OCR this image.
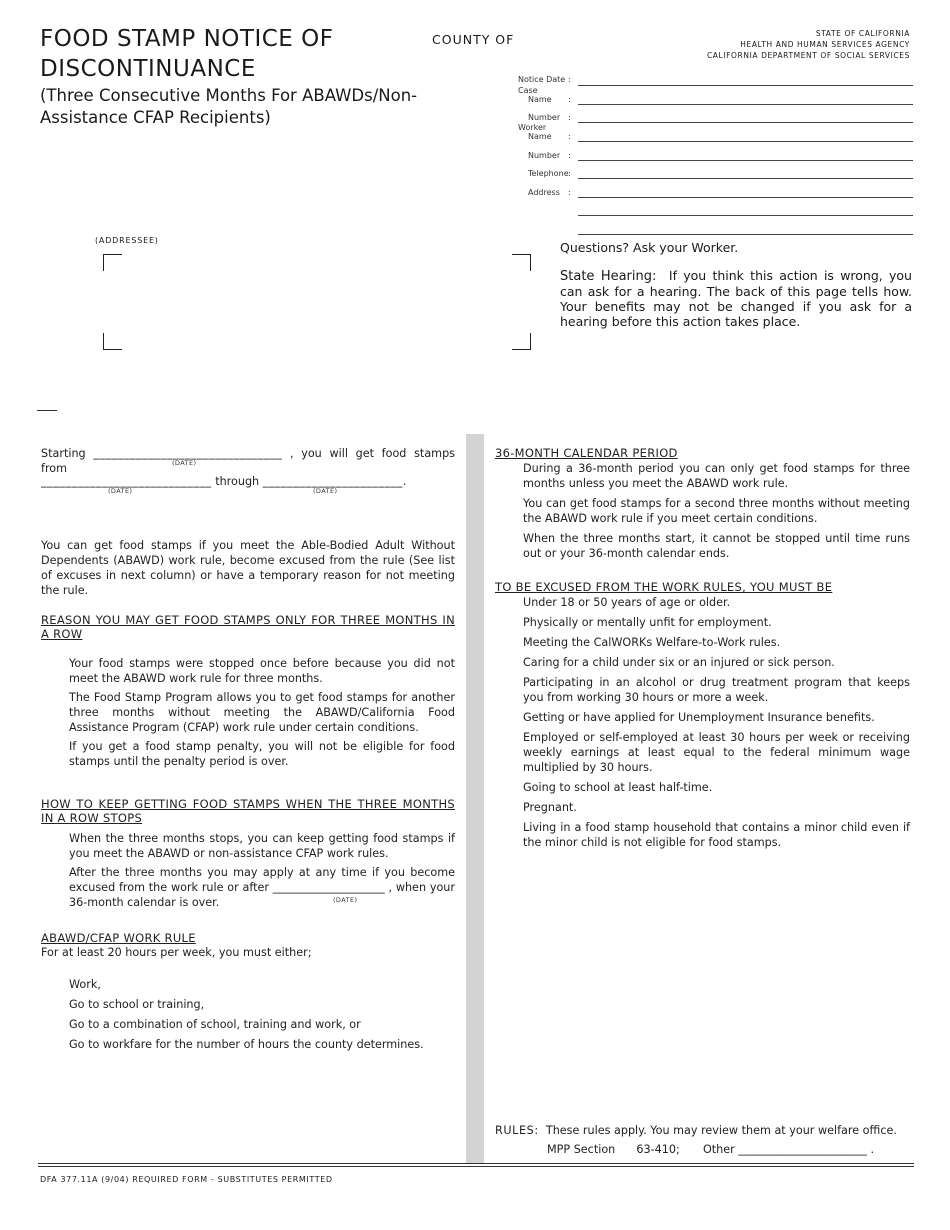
FOOD STAMP NOTICE OF DISCONTINUANCE
(Three Consecutive Months For ABAWDs/Non-Assistance CFAP Recipients)
COUNTY OF	STATE OF CALIFORNIA
HEALTH AND HUMAN SERVICES AGENCY
CALIFORNIA DEPARTMENT OF SOCIAL SERVICES
Notice Date :
Case
Name :
Number :
Worker
Name :
Number :
Telephone :
Address :
(ADDRESSEE)	Questions? Ask your Worker.
State Hearing: If you think this action is wrong, you can ask for a hearing. The back of this page tells how. Your benefits may not be changed if you ask for a hearing before this action takes place.
Starting _______________________________ , you will get food stamps from	(DATE)
____________________________ through _______________________.
(DATE)	(DATE)
You can get food stamps if you meet the Able-Bodied Adult Without Dependents (ABAWD) work rule, become excused from the rule (See list of excuses in next column) or have a temporary reason for not meeting the rule.
REASON YOU MAY GET FOOD STAMPS ONLY FOR THREE MONTHS IN A ROW
Your food stamps were stopped once before because you did not meet the ABAWD work rule for three months.
The Food Stamp Program allows you to get food stamps for another three months without meeting the ABAWD/California Food Assistance Program (CFAP) work rule under certain conditions.
If you get a food stamp penalty, you will not be eligible for food stamps until the penalty period is over.
HOW TO KEEP GETTING FOOD STAMPS WHEN THE THREE MONTHS IN A ROW STOPS
When the three months stops, you can keep getting food stamps if you meet the ABAWD or non-assistance CFAP work rules.
After the three months you may apply at any time if you become excused from the work rule or after ____________________ , when your 36-month calendar is over.	(DATE)
ABAWD/CFAP WORK RULE
For at least 20 hours per week, you must either;
Work,
Go to school or training,
Go to a combination of school, training and work, or
Go to workfare for the number of hours the county determines.
36-MONTH CALENDAR PERIOD
During a 36-month period you can only get food stamps for three months unless you meet the ABAWD work rule.
You can get food stamps for a second three months without meeting the ABAWD work rule if you meet certain conditions.
When the three months start, it cannot be stopped until time runs out or your 36-month calendar ends.
TO BE EXCUSED FROM THE WORK RULES, YOU MUST BE
Under 18 or 50 years of age or older.
Physically or mentally unfit for employment.
Meeting the CalWORKs Welfare-to-Work rules.
Caring for a child under six or an injured or sick person.
Participating in an alcohol or drug treatment program that keeps you from working 30 hours or more a week.
Getting or have applied for Unemployment Insurance benefits.
Employed or self-employed at least 30 hours per week or receiving weekly earnings at least equal to the federal minimum wage multiplied by 30 hours.
Going to school at least half-time.
Pregnant.
Living in a food stamp household that contains a minor child even if the minor child is not eligible for food stamps.
RULES: These rules apply. You may review them at your welfare office.
MPP Section 63-410; Other _______________________ .
DFA 377.11A (9/04) REQUIRED FORM - SUBSTITUTES PERMITTED
